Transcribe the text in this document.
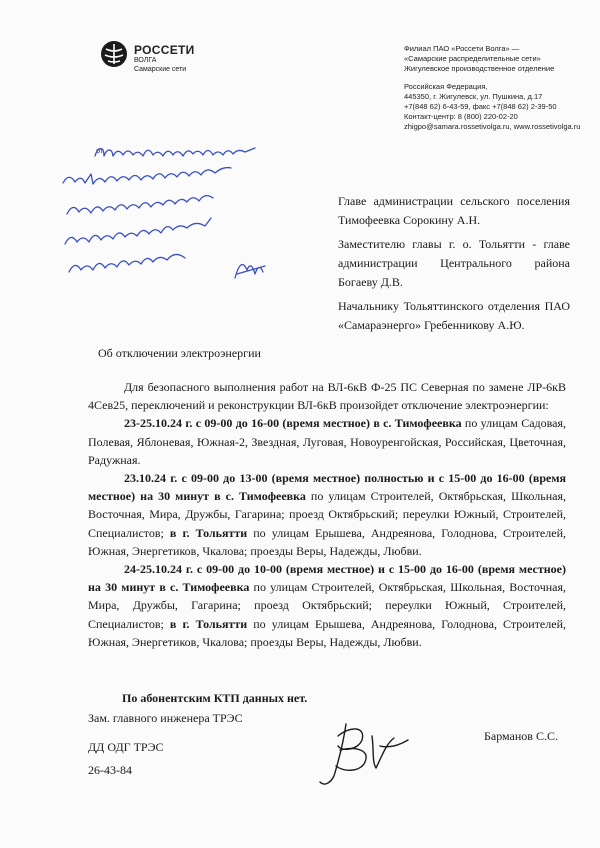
РОССЕТИ
ВОЛГА
Самарские сети
Филиал ПАО «Россети Волга» —
«Самарские распределительные сети»
Жигулевское производственное отделение
Российская Федерация,
445350, г. Жигулевск, ул. Пушкина, д.17
+7(848 62) 6-43-59, факс +7(848 62) 2-39-50
Контакт-центр: 8 (800) 220-02-20
zhigpo@samara.rossetivolga.ru, www.rossetivolga.ru
от

Главе администрации сельского поселения Тимофеевка Сорокину А.Н.

Заместителю главы г. о. Тольятти - главе администрации Центрального района Богаеву Д.В.

Начальнику Тольяттинского отделения ПАО «Самараэнерго» Гребенникову А.Ю.

Об отключении электроэнергии

Для безопасного выполнения работ на ВЛ-6кВ Ф-25 ПС Северная по замене ЛР-6кВ 4Сев25, переключений и реконструкции ВЛ-6кВ произойдет отключение электроэнергии:

23-25.10.24 г. с 09-00 до 16-00 (время местное) в с. Тимофеевка по улицам Садовая, Полевая, Яблоневая, Южная-2, Звездная, Луговая, Новоуренгойская, Российская, Цветочная, Радужная.

23.10.24 г. с 09-00 до 13-00 (время местное) полностью и с 15-00 до 16-00 (время местное) на 30 минут в с. Тимофеевка по улицам Строителей, Октябрьская, Школьная, Восточная, Мира, Дружбы, Гагарина; проезд Октябрьский; переулки Южный, Строителей, Специалистов; в г. Тольятти по улицам Ерышева, Андреянова, Голоднова, Строителей, Южная, Энергетиков, Чкалова; проезды Веры, Надежды, Любви.

24-25.10.24 г. с 09-00 до 10-00 (время местное) и с 15-00 до 16-00 (время местное) на 30 минут в с. Тимофеевка по улицам Строителей, Октябрьская, Школьная, Восточная, Мира, Дружбы, Гагарина; проезд Октябрьский; переулки Южный, Строителей, Специалистов; в г. Тольятти по улицам Ерышева, Андреянова, Голоднова, Строителей, Южная, Энергетиков, Чкалова; проезды Веры, Надежды, Любви.

По абонентским КТП данных нет.
Зам. главного инженера ТРЭС
Барманов С.С.
ДД ОДГ ТРЭС
26-43-84
